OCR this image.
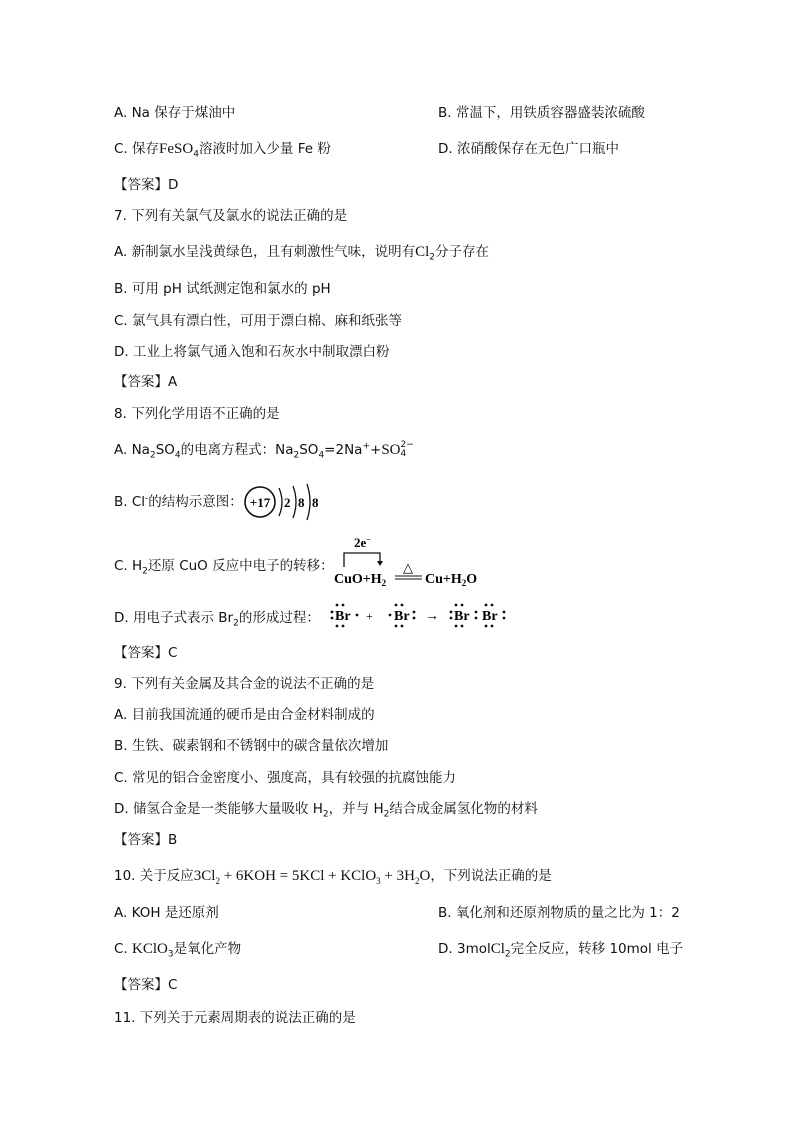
A. Na 保存于煤油中	B. 常温下，用铁质容器盛装浓硫酸
C. 保存FeSO$_4$溶液时加入少量 Fe 粉	D. 浓硝酸保存在无色广口瓶中
【答案】D
7. 下列有关氯气及氯水的说法正确的是
A. 新制氯水呈浅黄绿色，且有刺激性气味，说明有$Cl_2$分子存在
B. 可用 pH 试纸测定饱和氯水的 pH
C. 氯气具有漂白性，可用于漂白棉、麻和纸张等
D. 工业上将氯气通入饱和石灰水中制取漂白粉
【答案】A
8. 下列化学用语不正确的是
A. $Na_2SO_4$的电离方程式：$Na_2SO_4=2Na^++SO$ 2−
4
B. Cl-的结构示意图： +17 2 8 8
C. $H_2$还原 CuO 反应中电子的转移：
2e−
$CuO+H_2$
△
$Cu+H_2O$
D. 用电子式表示 $Br_2$的形成过程： Br + Br → Br Br
【答案】C
9. 下列有关金属及其合金的说法不正确的是
A. 目前我国流通的硬币是由合金材料制成的
B. 生铁、碳素钢和不锈钢中的碳含量依次增加
C. 常见的铝合金密度小、强度高，具有较强的抗腐蚀能力
D. 储氢合金是一类能够大量吸收 $H_2$，并与 $H_2$结合成金属氢化物的材料
【答案】B
10. 关于反应$3Cl_2 + 6KOH = 5KCl$ + KClO$_3$ + $3H_2O$，下列说法正确的是
A. KOH 是还原剂	B. 氧化剂和还原剂物质的量之比为 1：2
C. KClO$_3$是氧化产物	D. 3molCl$_2$完全反应，转移 10mol 电子
【答案】C
11. 下列关于元素周期表的说法正确的是
